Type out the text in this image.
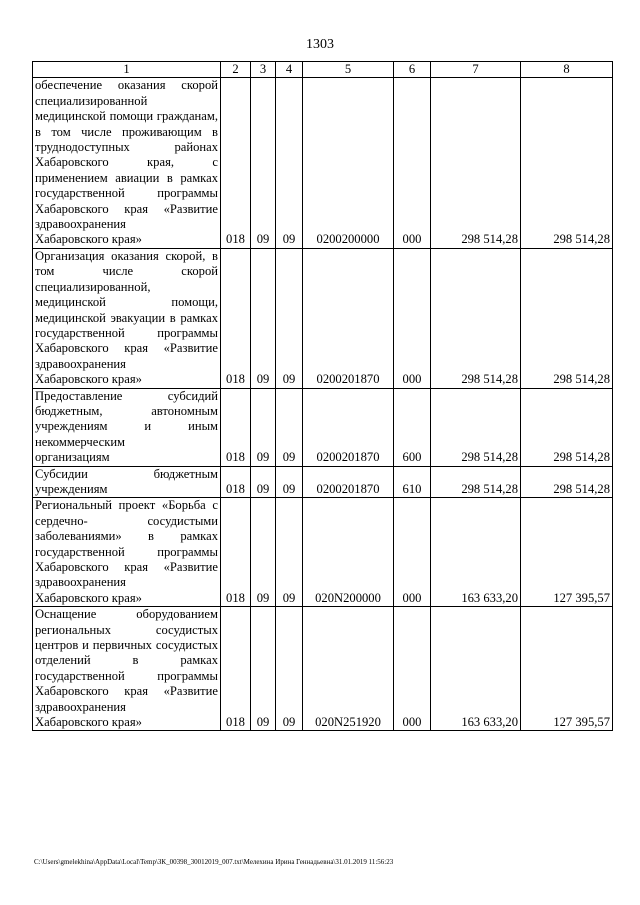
1303
1	2	3	4	5	6	7	8
обеспечение оказания скорой специализированной медицинской помощи гражданам, в том числе проживающим в труднодоступных районах Хабаровского края, с применением авиации в рамках государственной программы Хабаровского края «Развитие здравоохранения
Хабаровского края»	018	09	09	0200200000	000	298 514,28	298 514,28
Организация оказания скорой, в том числе скорой специализированной, медицинской помощи, медицинской эвакуации в рамках государственной программы Хабаровского края «Развитие здравоохранения
Хабаровского края»	018	09	09	0200201870	000	298 514,28	298 514,28
Предоставление субсидий бюджетным, автономным учреждениям и иным некоммерческим
организациям	018	09	09	0200201870	600	298 514,28	298 514,28
Субсидии бюджетным
учреждениям	018	09	09	0200201870	610	298 514,28	298 514,28
Региональный проект «Борьба с сердечно- сосудистыми заболеваниями» в рамках государственной программы Хабаровского края «Развитие здравоохранения
Хабаровского края»	018	09	09	020N200000	000	163 633,20	127 395,57
Оснащение оборудованием региональных сосудистых центров и первичных сосудистых отделений в рамках государственной программы Хабаровского края «Развитие здравоохранения
Хабаровского края»	018	09	09	020N251920	000	163 633,20	127 395,57
C:\Users\gmelekhina\AppData\Local\Temp\ЗК_00398_30012019_007.txt\Мелехина Ирина Геннадьевна\31.01.2019 11:56:23
